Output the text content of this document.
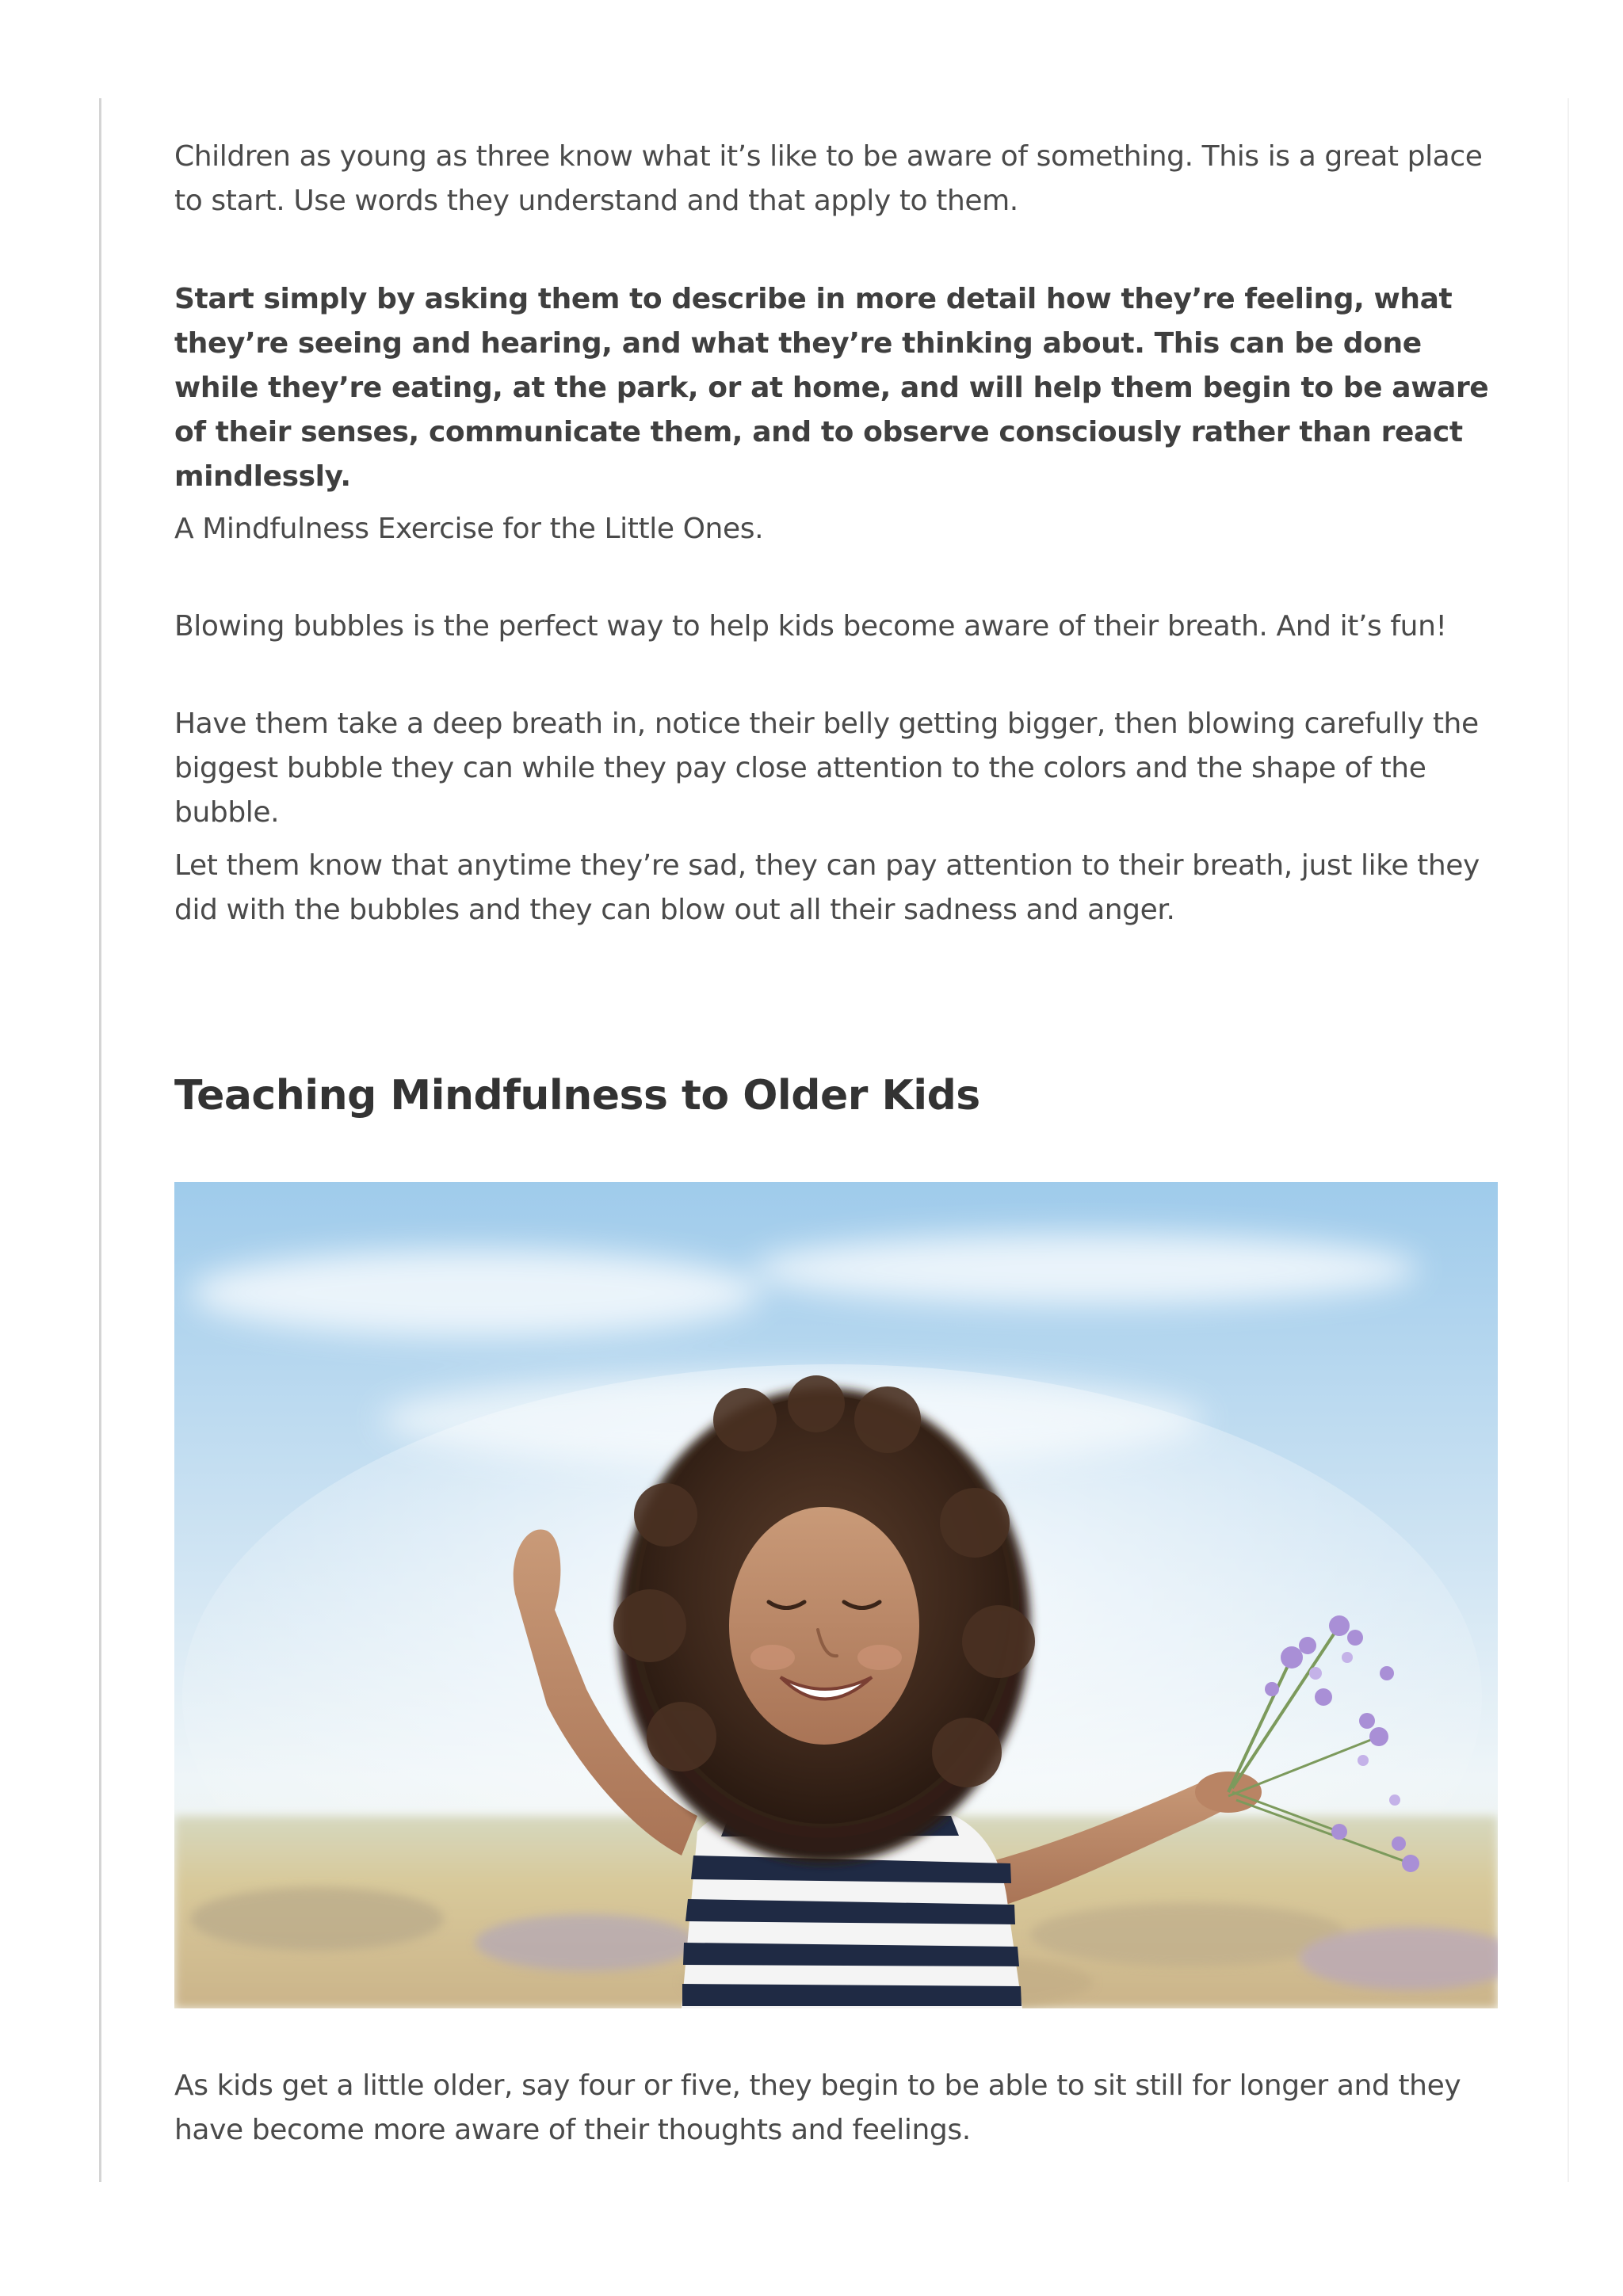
Children as young as three know what it’s like to be aware of something. This is a great place to start. Use words they understand and that apply to them.

Start simply by asking them to describe in more detail how they’re feeling, what they’re seeing and hearing, and what they’re thinking about. This can be done while they’re eating, at the park, or at home, and will help them begin to be aware of their senses, communicate them, and to observe consciously rather than react mindlessly.

A Mindfulness Exercise for the Little Ones.

Blowing bubbles is the perfect way to help kids become aware of their breath. And it’s fun!

Have them take a deep breath in, notice their belly getting bigger, then blowing carefully the biggest bubble they can while they pay close attention to the colors and the shape of the bubble.

Let them know that anytime they’re sad, they can pay attention to their breath, just like they did with the bubbles and they can blow out all their sadness and anger.

Teaching Mindfulness to Older Kids

As kids get a little older, say four or five, they begin to be able to sit still for longer and they have become more aware of their thoughts and feelings.
